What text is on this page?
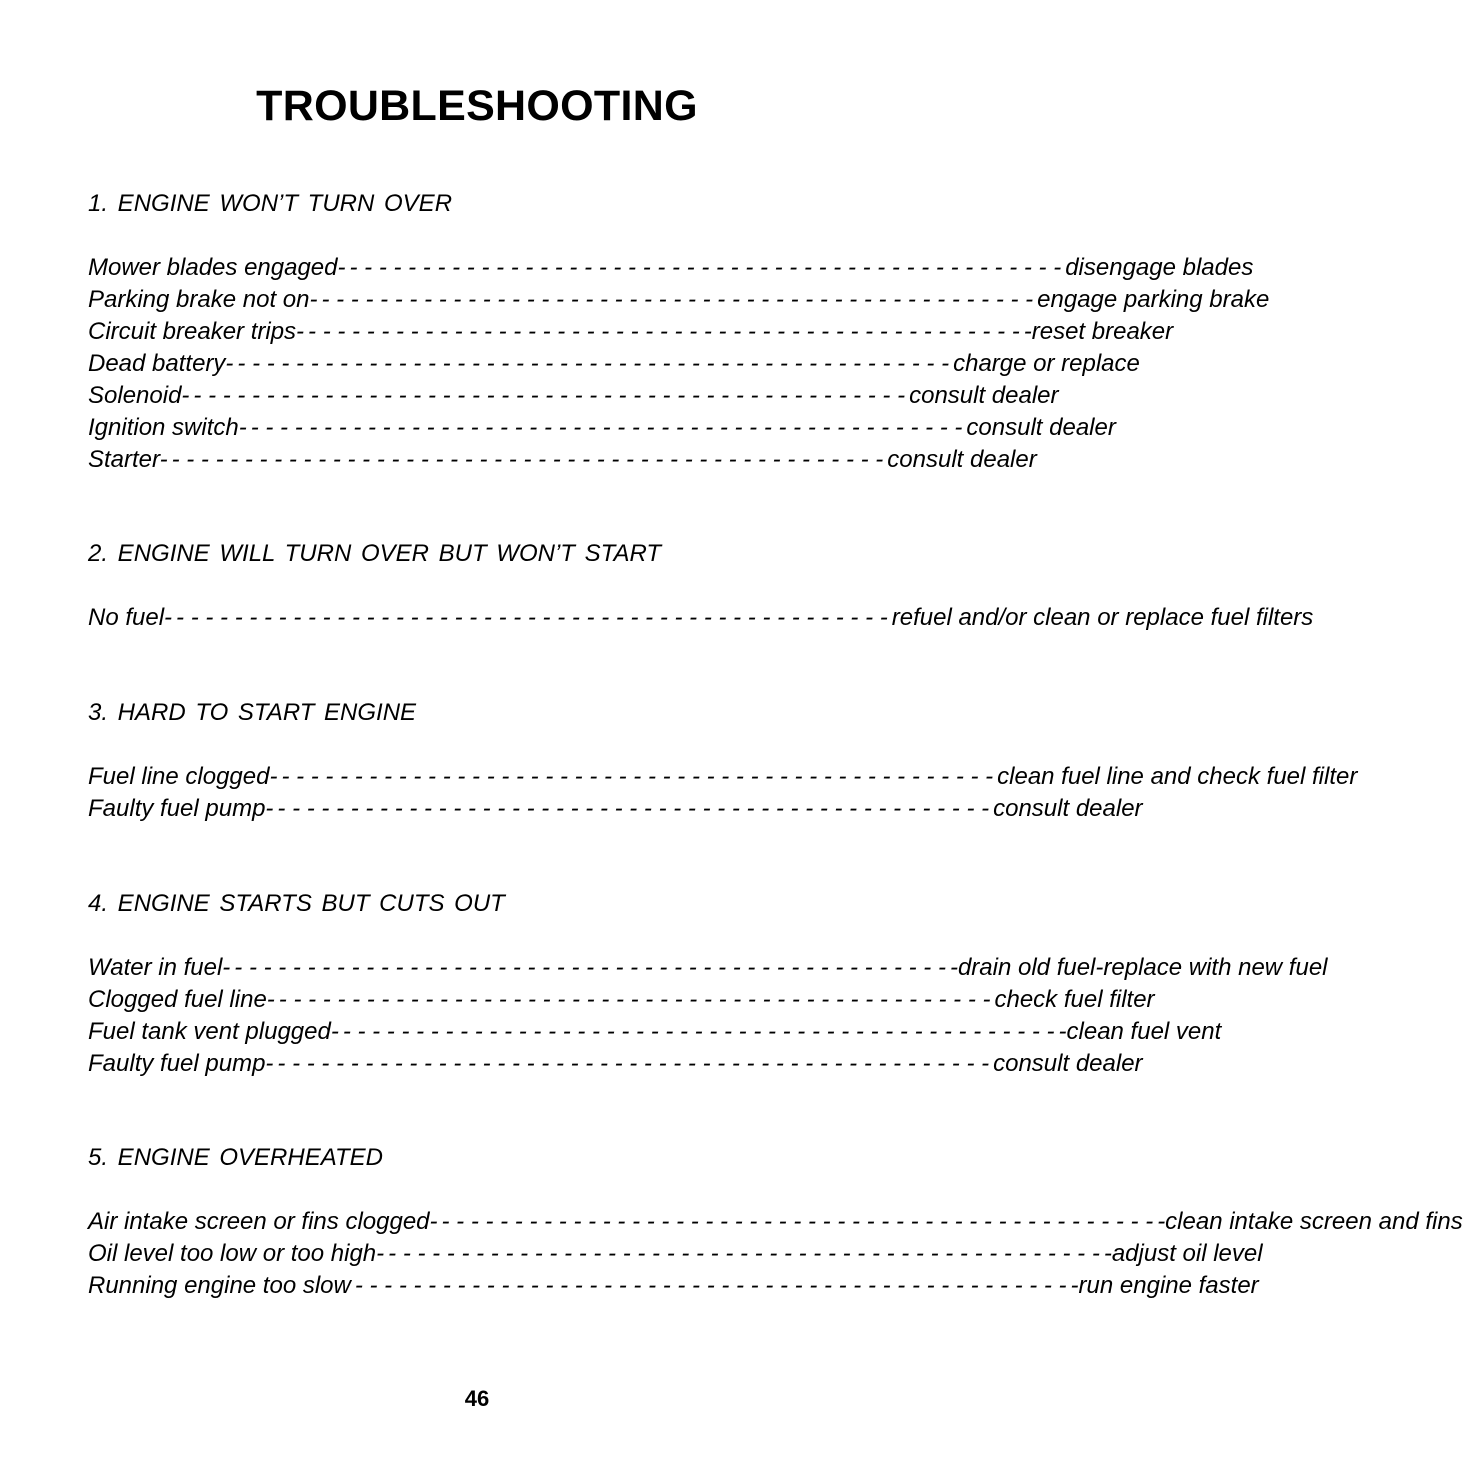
TROUBLESHOOTING
1. ENGINE WON’T TURN OVER
Mower blades engaged- - - - - - - - - - - - - - - - - - - - - - - - - - - - - - - - - - - - - - - - - - - - - - - - - - disengage blades
Parking brake not on- - - - - - - - - - - - - - - - - - - - - - - - - - - - - - - - - - - - - - - - - - - - - - - - - - engage parking brake
Circuit breaker trips- - - - - - - - - - - - - - - - - - - - - - - - - - - - - - - - - - - - - - - - - - - - - - - - - - -reset breaker
Dead battery- - - - - - - - - - - - - - - - - - - - - - - - - - - - - - - - - - - - - - - - - - - - - - - - - - charge or replace
Solenoid- - - - - - - - - - - - - - - - - - - - - - - - - - - - - - - - - - - - - - - - - - - - - - - - - - consult dealer
Ignition switch- - - - - - - - - - - - - - - - - - - - - - - - - - - - - - - - - - - - - - - - - - - - - - - - - - consult dealer
Starter- - - - - - - - - - - - - - - - - - - - - - - - - - - - - - - - - - - - - - - - - - - - - - - - - - consult dealer
2. ENGINE WILL TURN OVER BUT WON’T START
No fuel- - - - - - - - - - - - - - - - - - - - - - - - - - - - - - - - - - - - - - - - - - - - - - - - - - refuel and/or clean or replace fuel filters
3. HARD TO START ENGINE
Fuel line clogged- - - - - - - - - - - - - - - - - - - - - - - - - - - - - - - - - - - - - - - - - - - - - - - - - - clean fuel line and check fuel filter
Faulty fuel pump- - - - - - - - - - - - - - - - - - - - - - - - - - - - - - - - - - - - - - - - - - - - - - - - - - consult dealer
4. ENGINE STARTS BUT CUTS OUT
Water in fuel- - - - - - - - - - - - - - - - - - - - - - - - - - - - - - - - - - - - - - - - - - - - - - - - - - -drain old fuel-replace with new fuel
Clogged fuel line- - - - - - - - - - - - - - - - - - - - - - - - - - - - - - - - - - - - - - - - - - - - - - - - - - check fuel filter
Fuel tank vent plugged- - - - - - - - - - - - - - - - - - - - - - - - - - - - - - - - - - - - - - - - - - - - - - - - - - -clean fuel vent
Faulty fuel pump- - - - - - - - - - - - - - - - - - - - - - - - - - - - - - - - - - - - - - - - - - - - - - - - - - consult dealer
5. ENGINE OVERHEATED
Air intake screen or fins clogged- - - - - - - - - - - - - - - - - - - - - - - - - - - - - - - - - - - - - - - - - - - - - - - - - - -clean intake screen and fins
Oil level too low or too high- - - - - - - - - - - - - - - - - - - - - - - - - - - - - - - - - - - - - - - - - - - - - - - - - - -adjust oil level
Running engine too slow - - - - - - - - - - - - - - - - - - - - - - - - - - - - - - - - - - - - - - - - - - - - - - - - - -run engine faster
46
